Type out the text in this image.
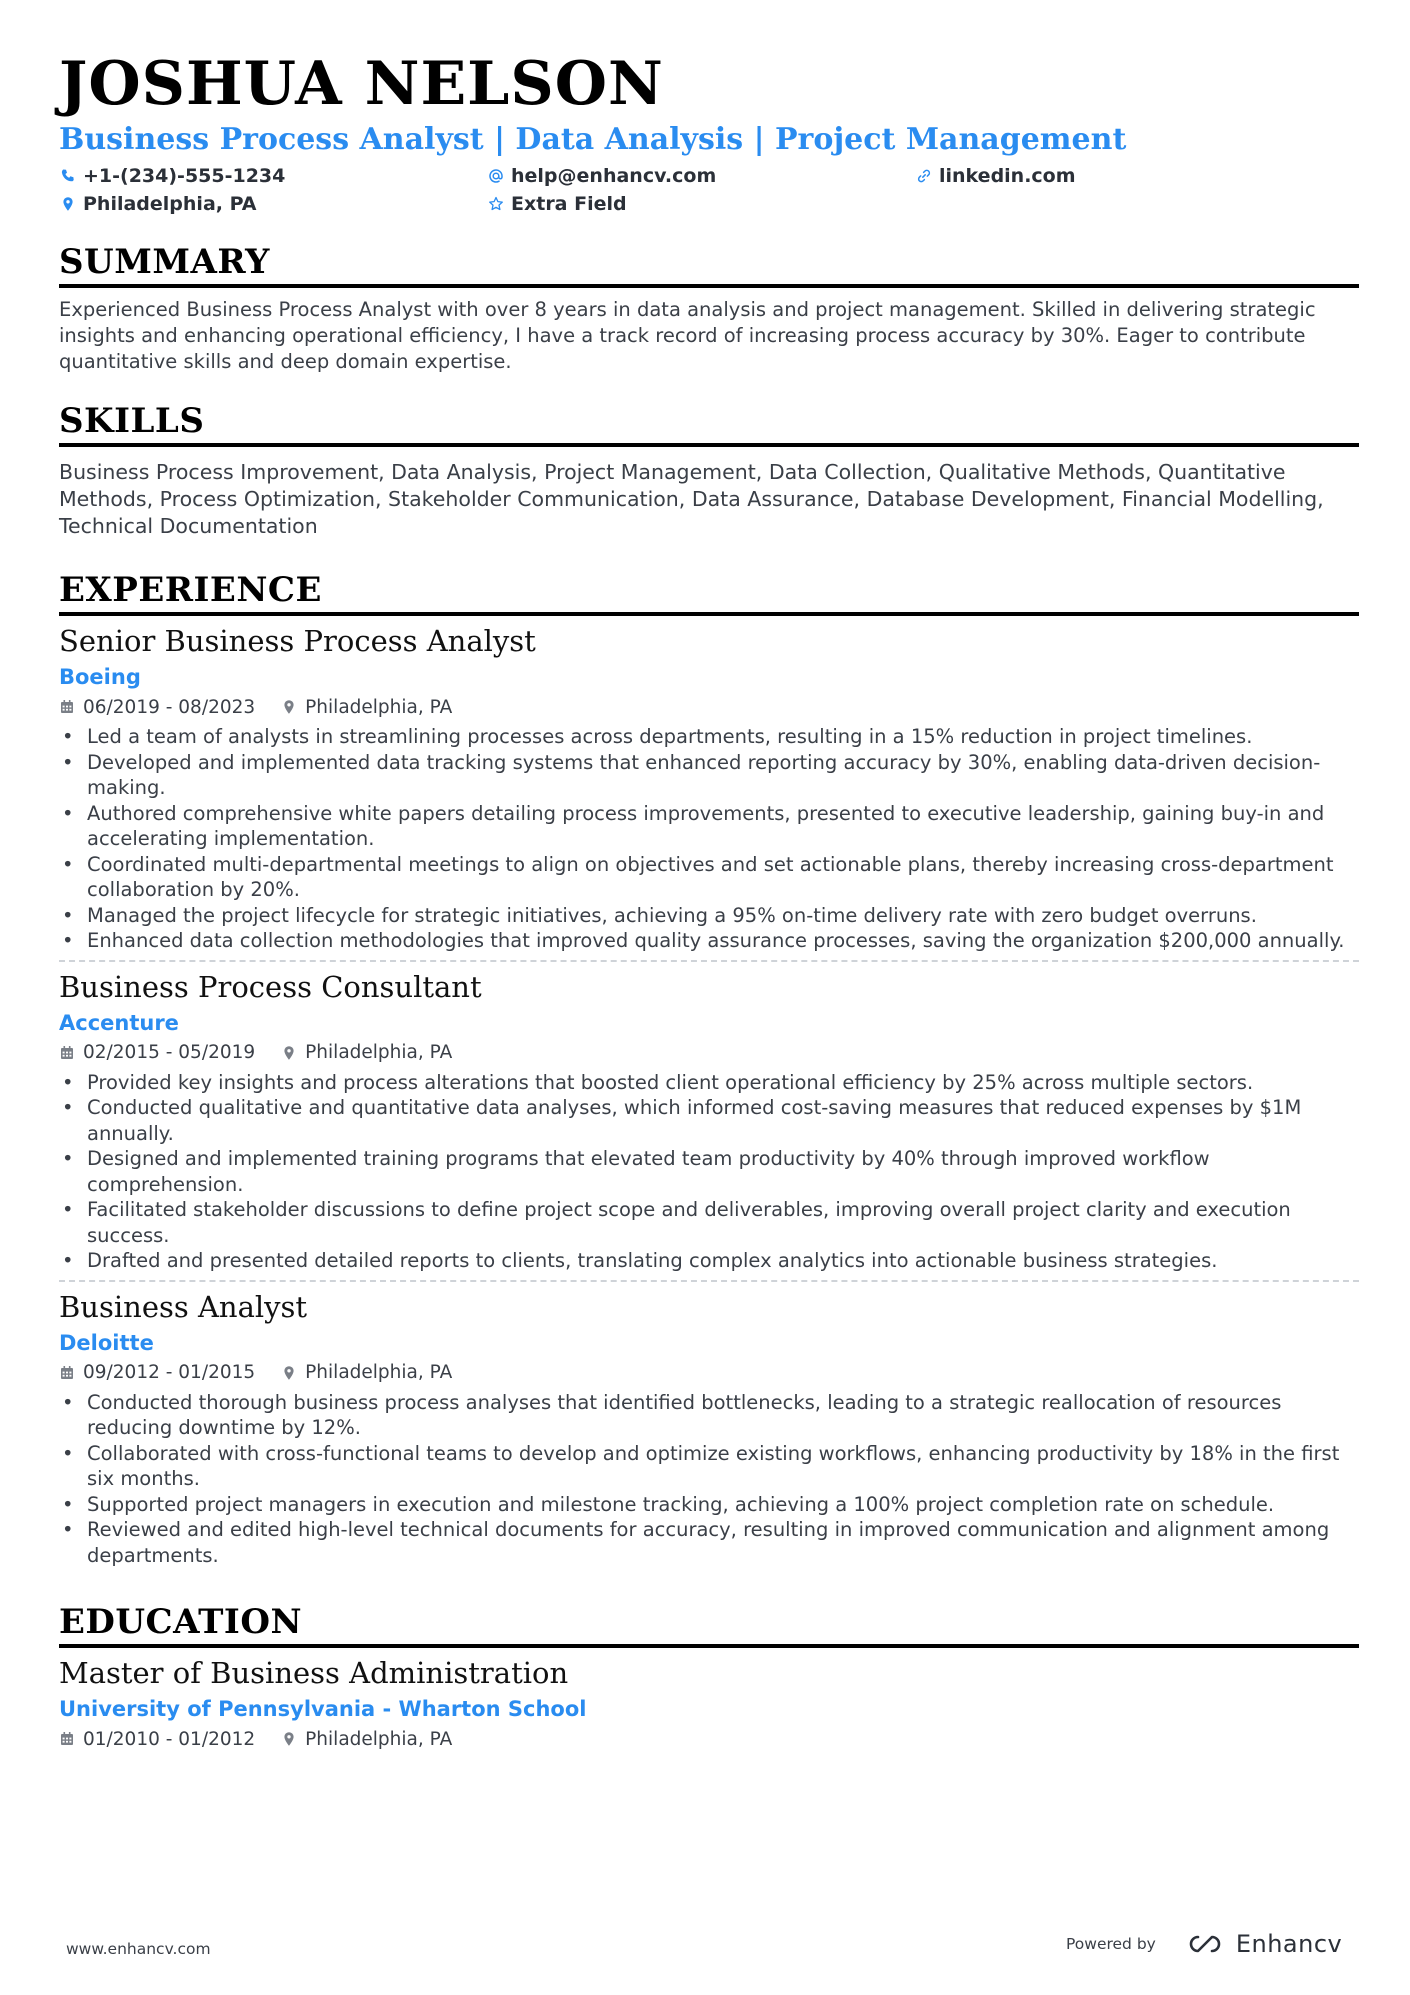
JOSHUA NELSON
Business Process Analyst | Data Analysis | Project Management
+1-(234)-555-1234	help@enhancv.com	linkedin.com
Philadelphia, PA	Extra Field
SUMMARY
Experienced Business Process Analyst with over 8 years in data analysis and project management. Skilled in delivering strategic insights and enhancing operational efficiency, I have a track record of increasing process accuracy by 30%. Eager to contribute quantitative skills and deep domain expertise.
SKILLS
Business Process Improvement, Data Analysis, Project Management, Data Collection, Qualitative Methods, Quantitative Methods, Process Optimization, Stakeholder Communication, Data Assurance, Database Development, Financial Modelling, Technical Documentation
EXPERIENCE
Senior Business Process Analyst
Boeing
06/2019 - 08/2023	Philadelphia, PA
• Led a team of analysts in streamlining processes across departments, resulting in a 15% reduction in project timelines.
• Developed and implemented data tracking systems that enhanced reporting accuracy by 30%, enabling data-driven decision-making.
• Authored comprehensive white papers detailing process improvements, presented to executive leadership, gaining buy-in and accelerating implementation.
• Coordinated multi-departmental meetings to align on objectives and set actionable plans, thereby increasing cross-department collaboration by 20%.
• Managed the project lifecycle for strategic initiatives, achieving a 95% on-time delivery rate with zero budget overruns.
• Enhanced data collection methodologies that improved quality assurance processes, saving the organization $200,000 annually.
Business Process Consultant
Accenture
02/2015 - 05/2019	Philadelphia, PA
• Provided key insights and process alterations that boosted client operational efficiency by 25% across multiple sectors.
• Conducted qualitative and quantitative data analyses, which informed cost-saving measures that reduced expenses by $1M annually.
• Designed and implemented training programs that elevated team productivity by 40% through improved workflow comprehension.
• Facilitated stakeholder discussions to define project scope and deliverables, improving overall project clarity and execution success.
• Drafted and presented detailed reports to clients, translating complex analytics into actionable business strategies.
Business Analyst
Deloitte
09/2012 - 01/2015	Philadelphia, PA
• Conducted thorough business process analyses that identified bottlenecks, leading to a strategic reallocation of resources reducing downtime by 12%.
• Collaborated with cross-functional teams to develop and optimize existing workflows, enhancing productivity by 18% in the first six months.
• Supported project managers in execution and milestone tracking, achieving a 100% project completion rate on schedule.
• Reviewed and edited high-level technical documents for accuracy, resulting in improved communication and alignment among departments.
EDUCATION
Master of Business Administration
University of Pennsylvania - Wharton School
01/2010 - 01/2012	Philadelphia, PA
www.enhancv.com	Powered by	Enhancv
